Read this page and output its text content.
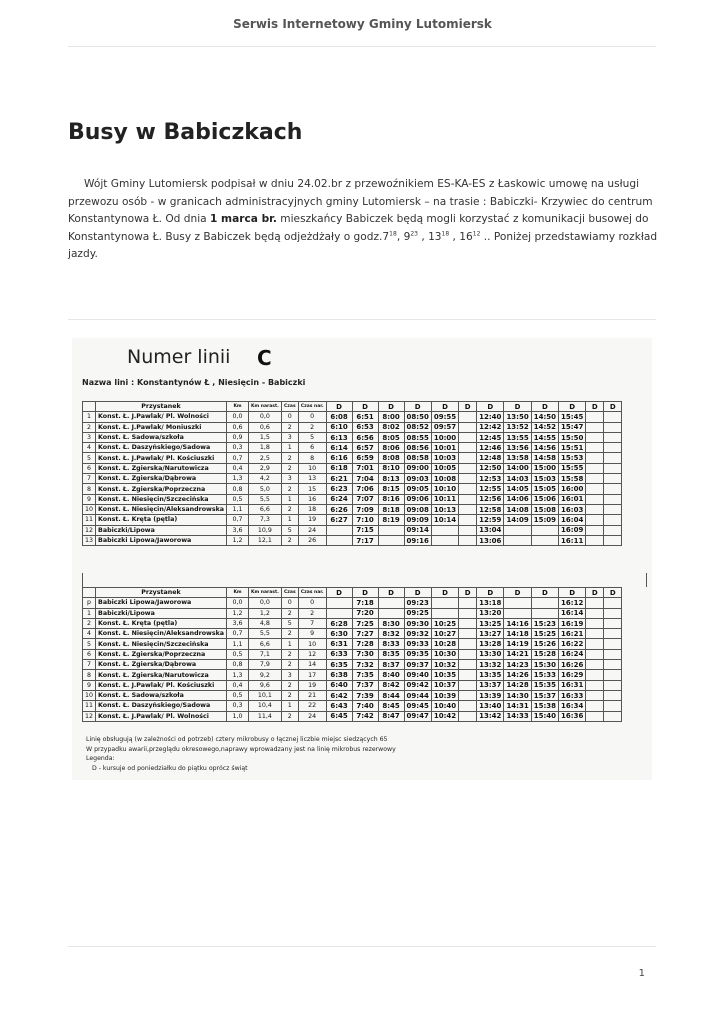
Serwis Internetowy Gminy Lutomiersk
Busy w Babiczkach

Wójt Gminy Lutomiersk podpisał w dniu 24.02.br z przewoźnikiem ES-KA-ES z Łaskowic umowę na usługi przewozu osób - w granicach administracyjnych gminy Lutomiersk – na trasie : Babiczki- Krzywiec do centrum Konstantynowa Ł. Od dnia 1 marca br. mieszkańcy Babiczek będą mogli korzystać z komunikacji busowej do Konstantynowa Ł. Busy z Babiczek będą odjeżdżały o $godz.7^{18}$, $9^{23}$ , $13^{18}$ , $16^{12}$ .. Poniżej przedstawiamy rozkład jazdy.

Numer linii C
Nazwa lini : Konstantynów Ł , Niesięcin - Babiczki
	Przystanek	Km	Km narast.	Czas	Czas nar.	D	D	D	D	D	D	D	D	D	D	D	D
1	Konst. Ł. J.Pawlak/ Pl. Wolności	0,0	0,0	0	0	6:08	6:51	8:00	08:50	09:55		12:40	13:50	14:50	15:45		
2	Konst. Ł. J.Pawlak/ Moniuszki	0,6	0,6	2	2	6:10	6:53	8:02	08:52	09:57		12:42	13:52	14:52	15:47		
3	Konst. Ł. Sadowa/szkoła	0,9	1,5	3	5	6:13	6:56	8:05	08:55	10:00		12:45	13:55	14:55	15:50		
4	Konst. Ł. Daszyńskiego/Sadowa	0,3	1,8	1	6	6:14	6:57	8:06	08:56	10:01		12:46	13:56	14:56	15:51		
5	Konst. Ł. J.Pawlak/ Pl. Kościuszki	0,7	2,5	2	8	6:16	6:59	8:08	08:58	10:03		12:48	13:58	14:58	15:53		
6	Konst. Ł. Zgierska/Narutowicza	0,4	2,9	2	10	6:18	7:01	8:10	09:00	10:05		12:50	14:00	15:00	15:55		
7	Konst. Ł. Zgierska/Dąbrowa	1,3	4,2	3	13	6:21	7:04	8:13	09:03	10:08		12:53	14:03	15:03	15:58		
8	Konst. Ł. Zgierska/Poprzeczna	0,8	5,0	2	15	6:23	7:06	8:15	09:05	10:10		12:55	14:05	15:05	16:00		
9	Konst. Ł. Niesięcin/Szczecińska	0,5	5,5	1	16	6:24	7:07	8:16	09:06	10:11		12:56	14:06	15:06	16:01		
10	Konst. Ł. Niesięcin/Aleksandrowska	1,1	6,6	2	18	6:26	7:09	8:18	09:08	10:13		12:58	14:08	15:08	16:03		
11	Konst. Ł. Kręta (pętla)	0,7	7,3	1	19	6:27	7:10	8:19	09:09	10:14		12:59	14:09	15:09	16:04		
12	Babiczki/Lipowa	3,6	10,9	5	24		7:15		09:14			13:04			16:09		
13	Babiczki Lipowa/Jaworowa	1,2	12,1	2	26		7:17		09:16			13:06			16:11		
	Przystanek	Km	Km narast.	Czas	Czas nar.	D	D	D	D	D	D	D	D	D	D	D	D
p	Babiczki Lipowa/Jaworowa	0,0	0,0	0	0		7:18		09:23			13:18			16:12		
1	Babiczki/Lipowa	1,2	1,2	2	2		7:20		09:25			13:20			16:14		
2	Konst. Ł. Kręta (pętla)	3,6	4,8	5	7	6:28	7:25	8:30	09:30	10:25		13:25	14:16	15:23	16:19		
4	Konst. Ł. Niesięcin/Aleksandrowska	0,7	5,5	2	9	6:30	7:27	8:32	09:32	10:27		13:27	14:18	15:25	16:21		
5	Konst. Ł. Niesięcin/Szczecińska	1,1	6,6	1	10	6:31	7:28	8:33	09:33	10:28		13:28	14:19	15:26	16:22		
6	Konst. Ł. Zgierska/Poprzeczna	0,5	7,1	2	12	6:33	7:30	8:35	09:35	10:30		13:30	14:21	15:28	16:24		
7	Konst. Ł. Zgierska/Dąbrowa	0,8	7,9	2	14	6:35	7:32	8:37	09:37	10:32		13:32	14:23	15:30	16:26		
8	Konst. Ł. Zgierska/Narutowicza	1,3	9,2	3	17	6:38	7:35	8:40	09:40	10:35		13:35	14:26	15:33	16:29		
9	Konst. Ł. J.Pawlak/ Pl. Kościuszki	0,4	9,6	2	19	6:40	7:37	8:42	09:42	10:37		13:37	14:28	15:35	16:31		
10	Konst. Ł. Sadowa/szkoła	0,5	10,1	2	21	6:42	7:39	8:44	09:44	10:39		13:39	14:30	15:37	16:33		
11	Konst. Ł. Daszyńskiego/Sadowa	0,3	10,4	1	22	6:43	7:40	8:45	09:45	10:40		13:40	14:31	15:38	16:34		
12	Konst. Ł. J.Pawlak/ Pl. Wolności	1,0	11,4	2	24	6:45	7:42	8:47	09:47	10:42		13:42	14:33	15:40	16:36		
Linię obsługują (w zależności od potrzeb) cztery mikrobusy o łącznej liczbie miejsc siedzących 65
W przypadku awarii,przeglądu okresowego,naprawy wprowadzany jest na linię mikrobus rezerwowy
Legenda:
D - kursuje od poniedziałku do piątku oprócz świąt
1
